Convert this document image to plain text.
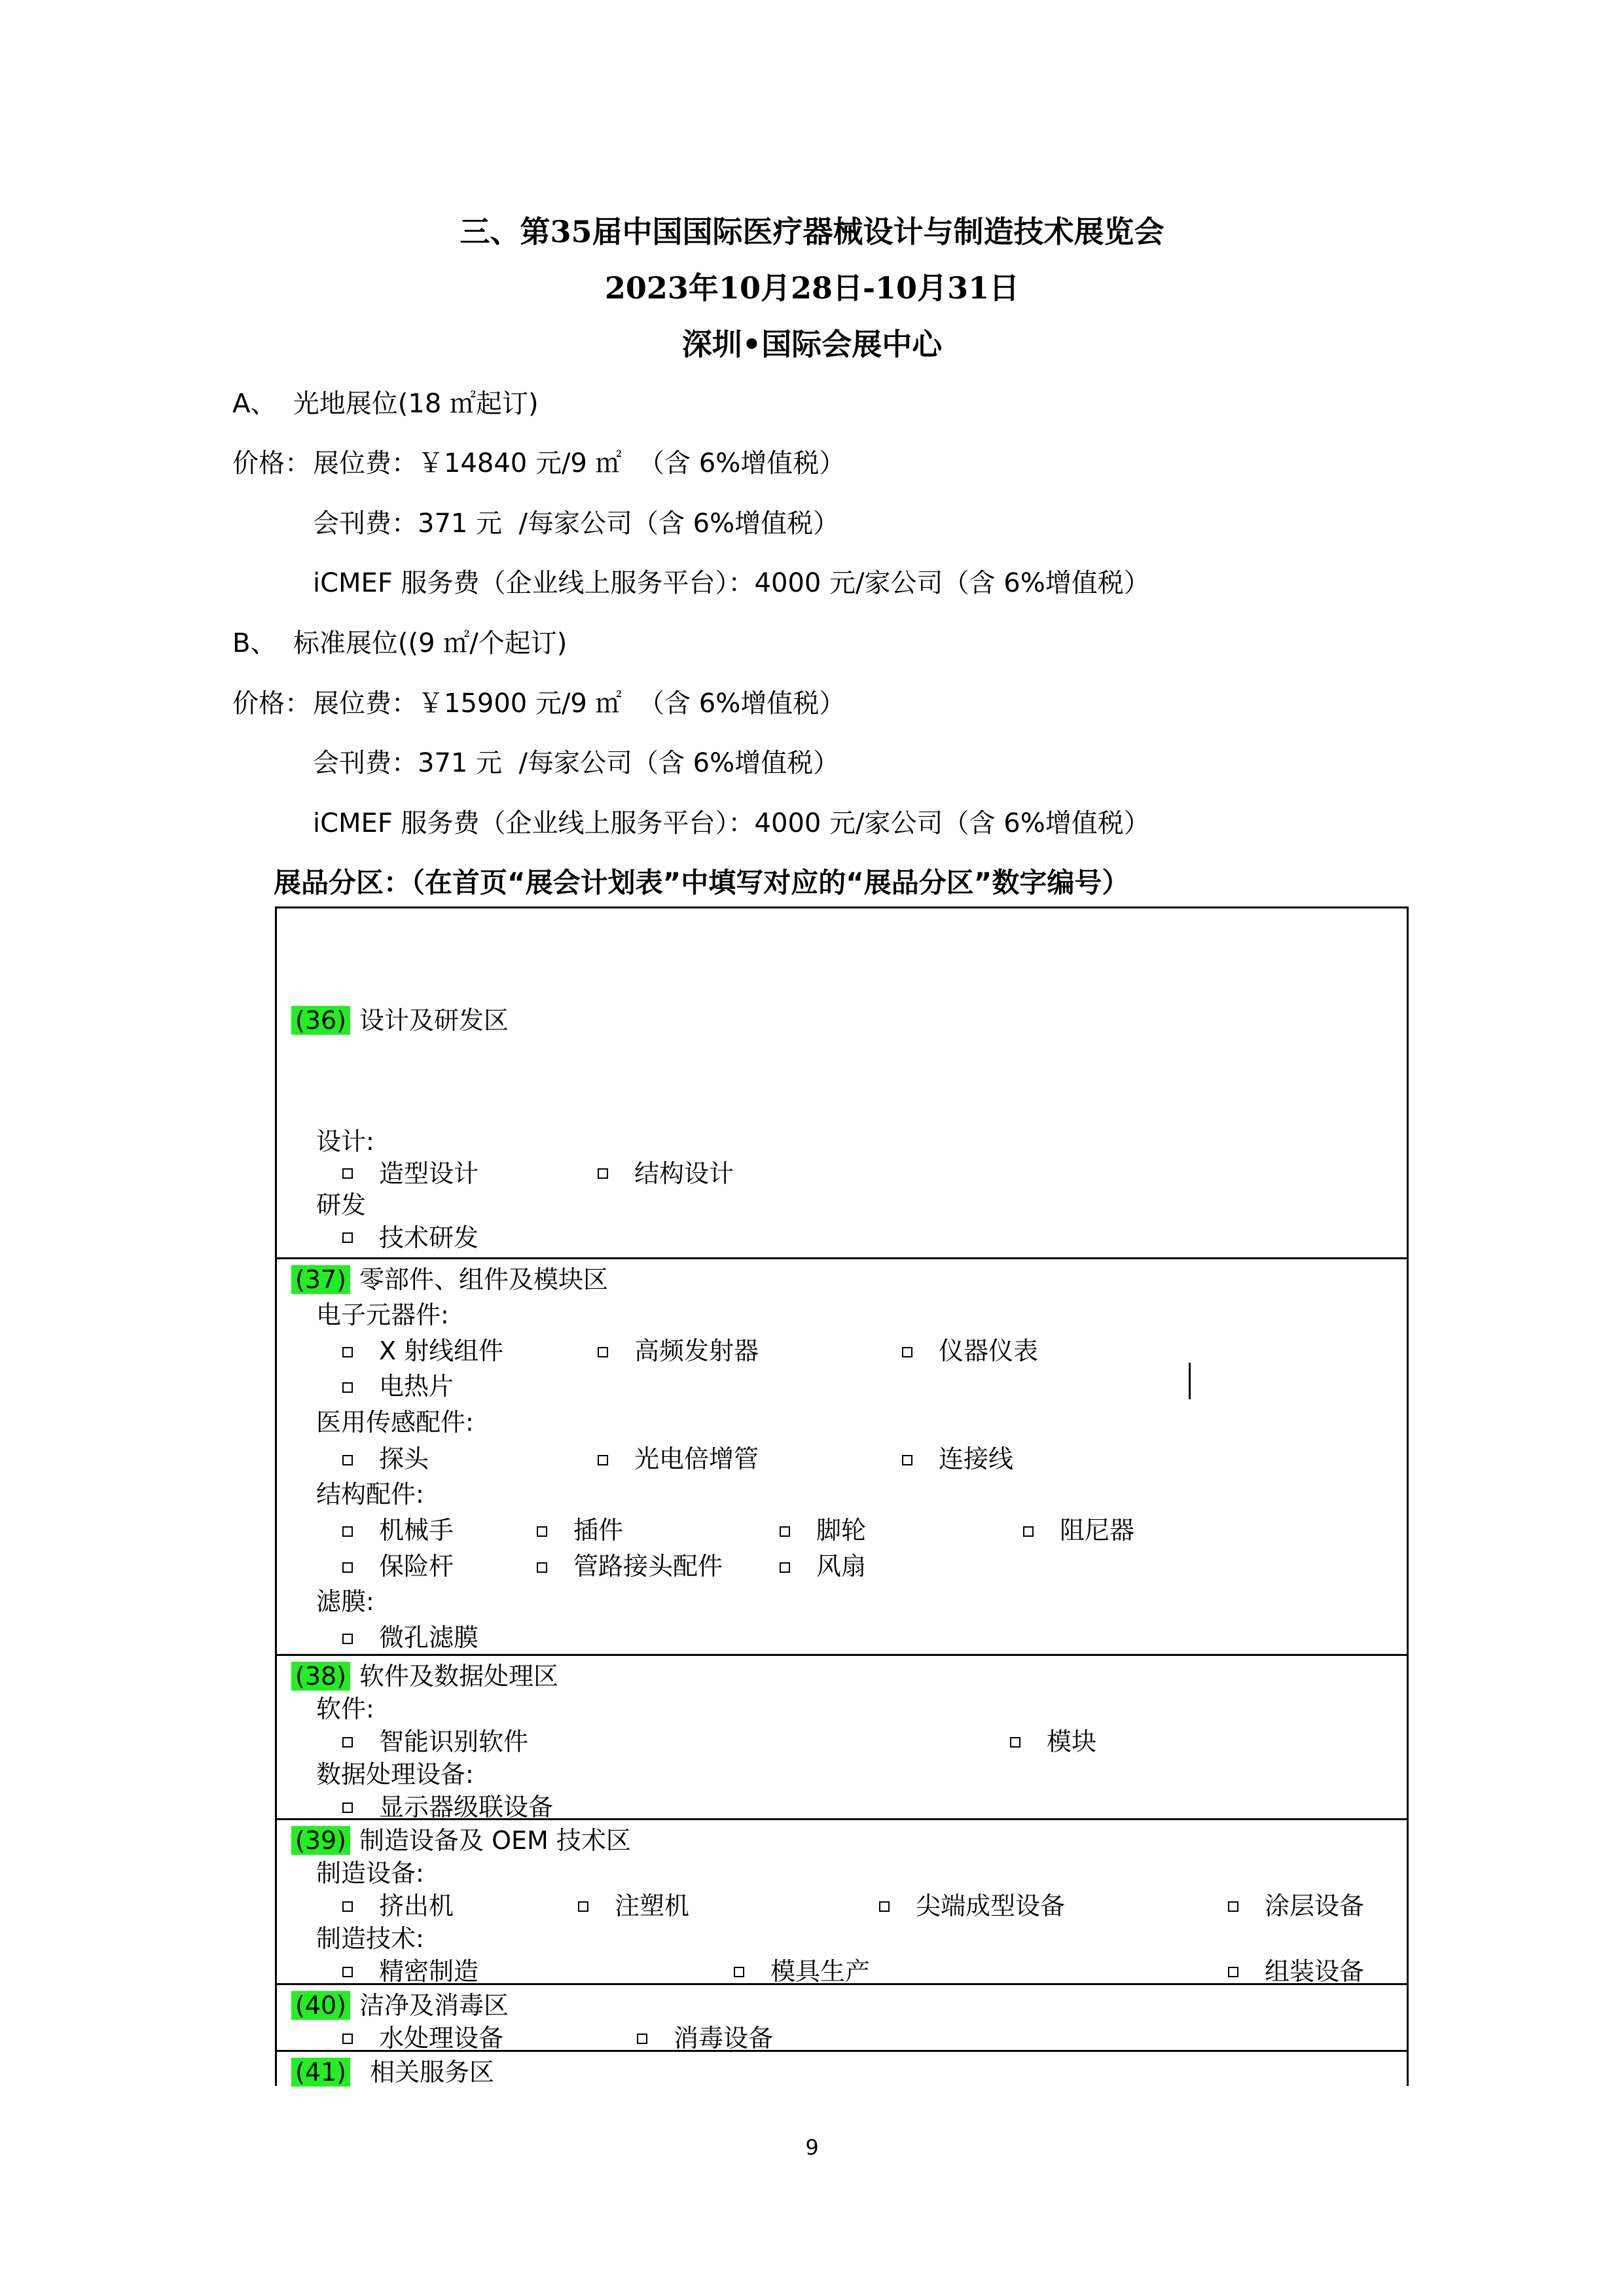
三、第35届中国国际医疗器械设计与制造技术展览会
2023年10月28日-10月31日
深圳•国际会展中心
A、  光地展位(18 ㎡起订)
价格： 展位费：￥14840 元/9 ㎡  （含 6%增值税）
会刊费：371 元  /每家公司（含 6%增值税）
iCMEF 服务费（企业线上服务平台）：4000 元/家公司（含 6%增值税）
B、  标准展位((9 ㎡/个起订)
价格： 展位费：￥15900 元/9 ㎡  （含 6%增值税）
会刊费：371 元  /每家公司（含 6%增值税）
iCMEF 服务费（企业线上服务平台）：4000 元/家公司（含 6%增值税）
展品分区：（在首页“展会计划表”中填写对应的“展品分区”数字编号）
(36) 设计及研发区
设计:
造型设计	结构设计
研发
技术研发
(37) 零部件、组件及模块区
电子元器件:
X 射线组件	高频发射器	仪器仪表
电热片
医用传感配件:
探头	光电倍增管	连接线
结构配件:
机械手	插件	脚轮	阻尼器
保险杆	管路接头配件	风扇
滤膜:
微孔滤膜
(38) 软件及数据处理区
软件:
智能识别软件	模块
数据处理设备:
显示器级联设备
(39) 制造设备及 OEM 技术区
制造设备:
挤出机	注塑机	尖端成型设备	涂层设备
制造技术:
精密制造	模具生产	组装设备
(40) 洁净及消毒区
水处理设备	消毒设备
(41) 相关服务区
9
